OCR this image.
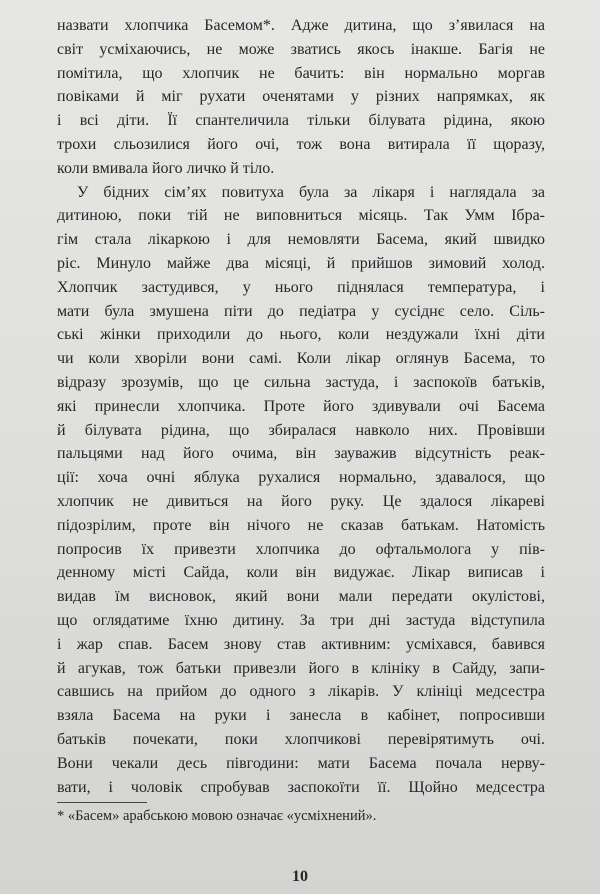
назвати хлопчика Басемом*. Адже дитина, що з’явилася на
світ усміхаючись, не може зватись якось інакше. Багія не
помітила, що хлопчик не бачить: він нормально моргав
повіками й міг рухати оченятами у різних напрямках, як
і всі діти. Її спантеличила тільки білувата рідина, якою
трохи сльозилися його очі, тож вона витирала її щоразу,
коли вмивала його личко й тіло.
У бідних сім’ях повитуха була за лікаря і наглядала за
дитиною, поки тій не виповниться місяць. Так Умм Ібра-
гім стала лікаркою і для немовляти Басема, який швидко
ріс. Минуло майже два місяці, й прийшов зимовий холод.
Хлопчик застудився, у нього піднялася температура, і
мати була змушена піти до педіатра у сусіднє село. Сіль-
ські жінки приходили до нього, коли нездужали їхні діти
чи коли хворіли вони самі. Коли лікар оглянув Басема, то
відразу зрозумів, що це сильна застуда, і заспокоїв батьків,
які принесли хлопчика. Проте його здивували очі Басема
й білувата рідина, що збиралася навколо них. Провівши
пальцями над його очима, він зауважив відсутність реак-
ції: хоча очні яблука рухалися нормально, здавалося, що
хлопчик не дивиться на його руку. Це здалося лікареві
підозрілим, проте він нічого не сказав батькам. Натомість
попросив їх привезти хлопчика до офтальмолога у пів-
денному місті Сайда, коли він видужає. Лікар виписав і
видав їм висновок, який вони мали передати окулістові,
що оглядатиме їхню дитину. За три дні застуда відступила
і жар спав. Басем знову став активним: усміхався, бавився
й агукав, тож батьки привезли його в клініку в Сайду, запи-
савшись на прийом до одного з лікарів. У клініці медсестра
взяла Басема на руки і занесла в кабінет, попросивши
батьків почекати, поки хлопчикові перевірятимуть очі.
Вони чекали десь півгодини: мати Басема почала нерву-
вати, і чоловік спробував заспокоїти її. Щойно медсестра
* «Басем» арабською мовою означає «усміхнений».
10
